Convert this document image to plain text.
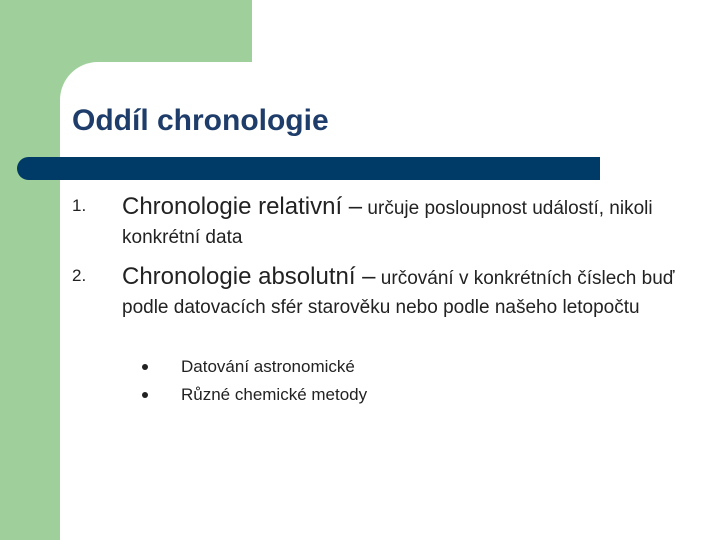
Oddíl chronologie
1. Chronologie relativní – určuje posloupnost událostí, nikoli konkrétní data
2. Chronologie absolutní – určování v konkrétních číslech buď podle datovacích sfér starověku nebo podle našeho letopočtu
Datování astronomické
Různé chemické metody
